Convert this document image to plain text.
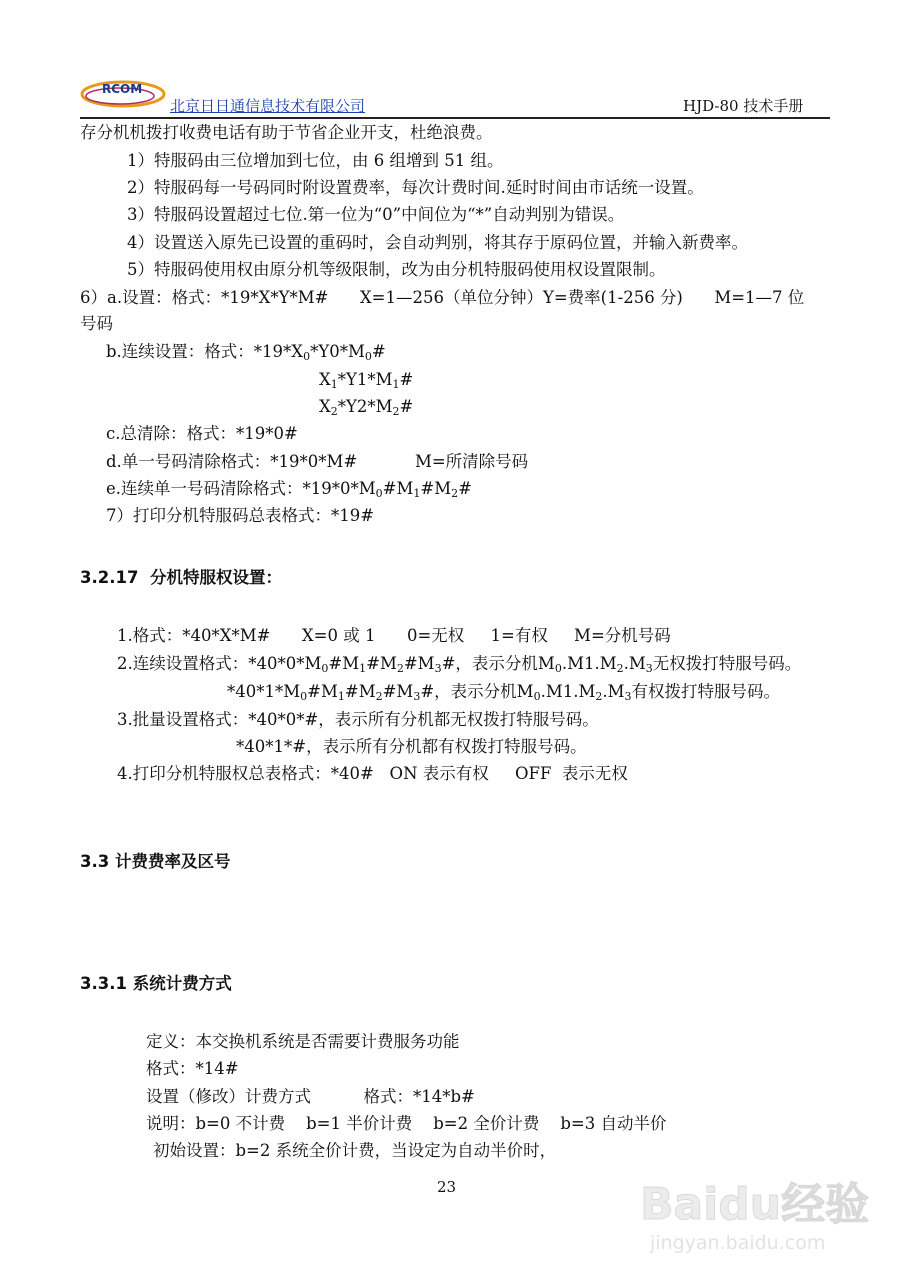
RCOM
北京日日通信息技术有限公司	HJD-80 技术手册
存分机机拨打收费电话有助于节省企业开支，杜绝浪费。
1）特服码由三位增加到七位，由 6 组增到 51 组。
2）特服码每一号码同时附设置费率，每次计费时间.延时时间由市话统一设置。
3）特服码设置超过七位.第一位为“0”中间位为“*”自动判别为错误。
4）设置送入原先已设置的重码时，会自动判别，将其存于原码位置，并输入新费率。
5）特服码使用权由原分机等级限制，改为由分机特服码使用权设置限制。
6）a.设置：格式：*19*X*Y*M#      X=1—256（单位分钟）Y=费率(1-256 分)      M=1—7 位
号码
b.连续设置：格式：$*19*X_0*Y0*M_0\#$
$X_1*Y1*M_1\#$
$X_2*Y2*M_2\#$
c.总清除：格式：*19*0#
d.单一号码清除格式：*19*0*M#           M=所清除号码
e.连续单一号码清除格式：$*19*0*M_0\#M_1\#M_2\#$
7）打印分机特服码总表格式：*19#
3.2.17  分机特服权设置：
1.格式：*40*X*M#      X=0 或 1      0=无权     1=有权     M=分机号码
2.连续设置格式：$*40*0*M_0\#M_1\#M_2\#M_3\#$，表示分机$M_0.M1.M_2.M_3$无权拨打特服号码。
$*40*1*M_0\#M_1\#M_2\#M_3\#$，表示分机$M_0.M1.M_2.M_3$有权拨打特服号码。
3.批量设置格式：*40*0*#，表示所有分机都无权拨打特服号码。
*40*1*#，表示所有分机都有权拨打特服号码。
4.打印分机特服权总表格式：*40#   ON 表示有权     OFF  表示无权
3.3 计费费率及区号
3.3.1 系统计费方式
定义：本交换机系统是否需要计费服务功能
格式：*14#
设置（修改）计费方式          格式：*14*b#
说明：b=0 不计费    b=1 半价计费    b=2 全价计费    b=3 自动半价
初始设置：b=2 系统全价计费，当设定为自动半价时，
23	Baidu经验
jingyan.baidu.com
